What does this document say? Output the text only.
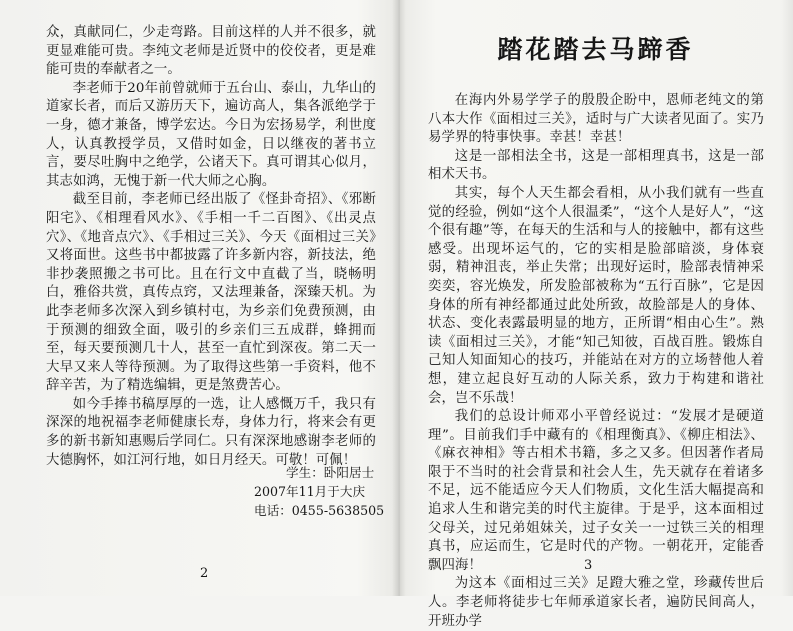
众，真献同仁，少走弯路。目前这样的人并不很多，就更显难能可贵。李纯文老师是近贤中的佼佼者，更是难能可贵的奉献者之一。

李老师于20年前曾就师于五台山、泰山，九华山的道家长者，而后又游历天下，遍访高人，集各派绝学于一身，德才兼备，博学宏达。今日为宏扬易学，利世度人，认真教授学员，又借时如金，日以继夜的著书立言，要尽吐胸中之绝学，公诸天下。真可谓其心似月，其志如鸿，无愧于新一代大师之心胸。

截至目前，李老师已经出版了《怪卦奇招》、《邪断阳宅》、《相理看风水》、《手相一千二百图》、《出灵点穴》、《地音点穴》、《手相过三关》、今天《面相过三关》又将面世。这些书中都披露了许多新内容，新技法，绝非抄袭照搬之书可比。且在行文中直截了当，晓畅明白，雅俗共赏，真传点窍，又法理兼备，深臻天机。为此李老师多次深入到乡镇村屯，为乡亲们免费预测，由于预测的细致全面，吸引的乡亲们三五成群，蜂拥而至，每天要预测几十人，甚至一直忙到深夜。第二天一大早又来人等待预测。为了取得这些第一手资料，他不辞辛苦，为了精选编辑，更是煞费苦心。

如今手捧书稿厚厚的一选，让人感慨万千，我只有深深的地祝福李老师健康长寿，身体力行，将来会有更多的新书新知惠赐后学同仁。只有深深地感谢李老师的大德胸怀，如江河行地，如日月经天。可敬！可佩！

学生：卧阳居士
2007年11月于大庆
电话：0455-5638505
2
踏花踏去马蹄香

在海内外易学学子的殷殷企盼中，恩师老纯文的第八本大作《面相过三关》，适时与广大读者见面了。实乃易学界的特事快事。幸甚！幸甚！

这是一部相法全书，这是一部相理真书，这是一部相术天书。

其实，每个人天生都会看相，从小我们就有一些直觉的经验，例如“这个人很温柔”，“这个人是好人”，“这个很有趣”等，在每天的生活和与人的接触中，都有这些感受。出现坏运气的，它的实相是脸部暗淡，身体衰弱，精神沮丧，举止失常；出现好运时，脸部表情神采奕奕，容光焕发，所发脸部被称为“五行百脉”，它是因身体的所有神经都通过此处所致，故脸部是人的身体、状态、变化表露最明显的地方，正所谓“相由心生”。熟读《面相过三关》，才能“知己知彼，百战百胜。锻炼自己知人知面知心的技巧，并能站在对方的立场替他人着想，建立起良好互动的人际关系，致力于构建和谐社会，岂不乐哉！

我们的总设计师邓小平曾经说过：“发展才是硬道理”。目前我们手中藏有的《相理衡真》、《柳庄相法》、《麻衣神相》等古相术书籍，多之又多。但因著作者局限于不当时的社会背景和社会人生，先天就存在着诸多不足，远不能适应今天人们物质，文化生活大幅提高和追求人生和谐完美的时代主旋律。于是乎，这本面相过父母关，过兄弟姐妹关，过子女关一一过铁三关的相理真书，应运而生，它是时代的产物。一朝花开，定能香飘四海！

为这本《面相过三关》足蹬大雅之堂，珍藏传世后人。李老师将徒步七年师承道家长者，遍防民间高人，开班办学

3
